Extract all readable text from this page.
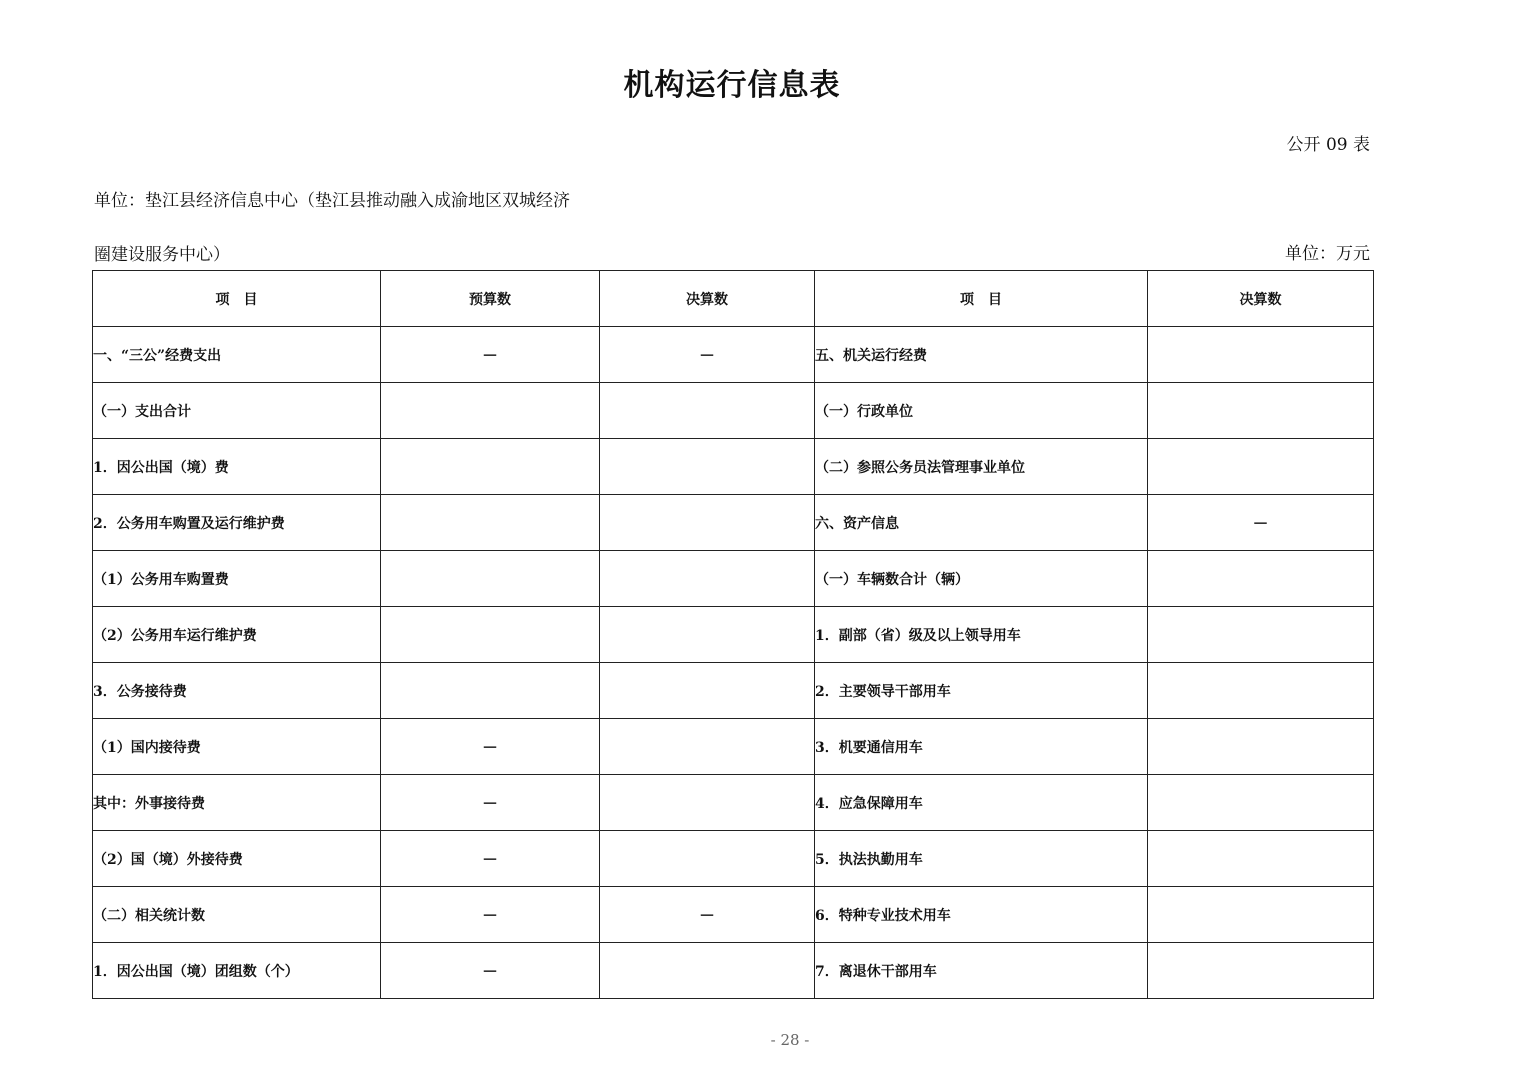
机构运行信息表
公开 09 表
单位：垫江县经济信息中心（垫江县推动融入成渝地区双城经济
圈建设服务中心）	单位：万元
项　目	预算数	决算数	项　目	决算数
一、“三公”经费支出	—	—	五、机关运行经费	
（一）支出合计			（一）行政单位	
1．因公出国（境）费			（二）参照公务员法管理事业单位	
2．公务用车购置及运行维护费			六、资产信息	—
（1）公务用车购置费			（一）车辆数合计（辆）	
（2）公务用车运行维护费			1．副部（省）级及以上领导用车	
3．公务接待费			2．主要领导干部用车	
（1）国内接待费	—		3．机要通信用车	
其中：外事接待费	—		4．应急保障用车	
（2）国（境）外接待费	—		5．执法执勤用车	
（二）相关统计数	—	—	6．特种专业技术用车	
1．因公出国（境）团组数（个）	—		7．离退休干部用车	
- 28 -
